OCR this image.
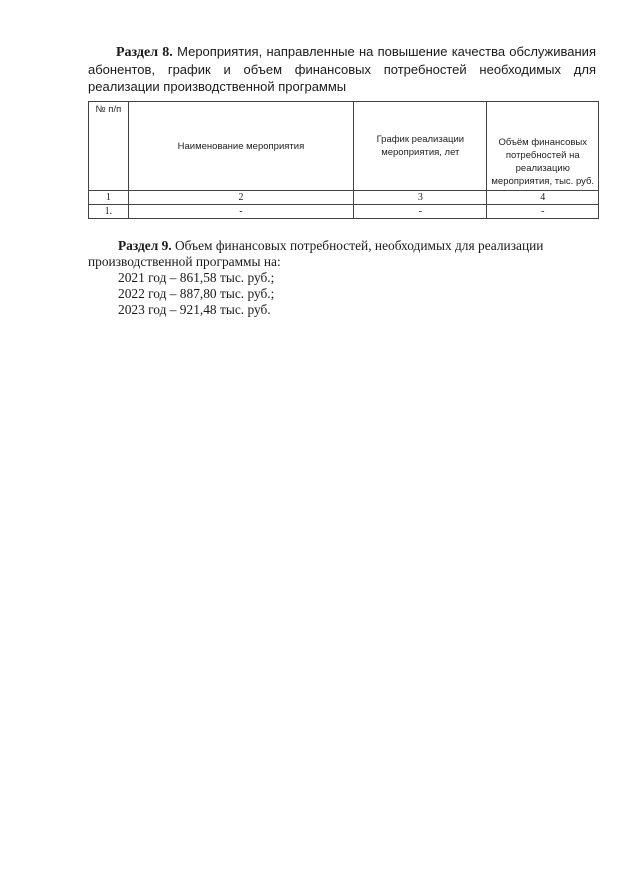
Раздел 8. Мероприятия, направленные на повышение качества обслуживания абонентов, график и объем финансовых потребностей необходимых для реализации производственной программы
№ п/п	Наименование мероприятия	График реализации мероприятия, лет	Объём финансовых потребностей на реализацию мероприятия, тыс. руб.
1	2	3	4
1.	-	-	-

Раздел 9. Объем финансовых потребностей, необходимых для реализации производственной программы на:

2021 год – 861,58 тыс. руб.;

2022 год – 887,80 тыс. руб.;

2023 год – 921,48 тыс. руб.
